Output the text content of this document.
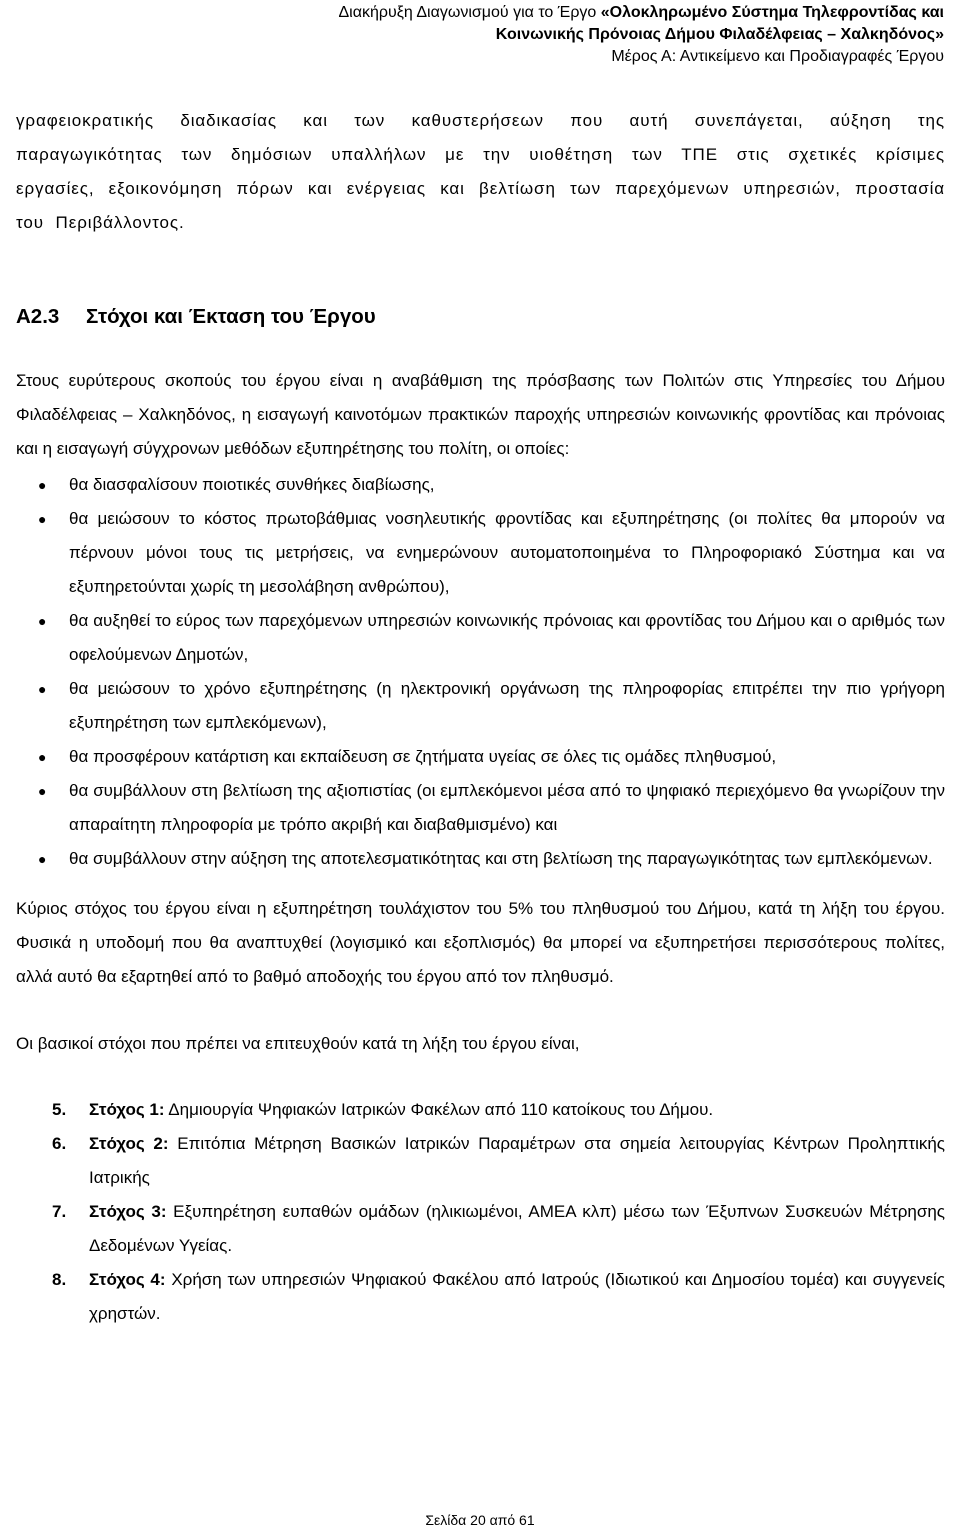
Διακήρυξη Διαγωνισμού για το Έργο «Ολοκληρωμένο Σύστημα Τηλεφροντίδας και
Κοινωνικής Πρόνοιας Δήμου Φιλαδέλφειας – Χαλκηδόνος»
Μέρος Α: Αντικείμενο και Προδιαγραφές Έργου

γραφειοκρατικής διαδικασίας και των καθυστερήσεων που αυτή συνεπάγεται, αύξηση της παραγωγικότητας των δημόσιων υπαλλήλων με την υιοθέτηση των ΤΠΕ στις σχετικές κρίσιμες εργασίες, εξοικονόμηση πόρων και ενέργειας και βελτίωση των παρεχόμενων υπηρεσιών, προστασία του Περιβάλλοντος.

Α2.3 Στόχοι και Έκταση του Έργου

Στους ευρύτερους σκοπούς του έργου είναι η αναβάθμιση της πρόσβασης των Πολιτών στις Υπηρεσίες του Δήμου Φιλαδέλφειας – Χαλκηδόνος, η εισαγωγή καινοτόμων πρακτικών παροχής υπηρεσιών κοινωνικής φροντίδας και πρόνοιας και η εισαγωγή σύγχρονων μεθόδων εξυπηρέτησης του πολίτη, οι οποίες:

● θα διασφαλίσουν ποιοτικές συνθήκες διαβίωσης,
● θα μειώσουν το κόστος πρωτοβάθμιας νοσηλευτικής φροντίδας και εξυπηρέτησης (οι πολίτες θα μπορούν να πέρνουν μόνοι τους τις μετρήσεις, να ενημερώνουν αυτοματοποιημένα το Πληροφοριακό Σύστημα και να εξυπηρετούνται χωρίς τη μεσολάβηση ανθρώπου),
● θα αυξηθεί το εύρος των παρεχόμενων υπηρεσιών κοινωνικής πρόνοιας και φροντίδας του Δήμου και ο αριθμός των οφελούμενων Δημοτών,
● θα μειώσουν το χρόνο εξυπηρέτησης (η ηλεκτρονική οργάνωση της πληροφορίας επιτρέπει την πιο γρήγορη εξυπηρέτηση των εμπλεκόμενων),
● θα προσφέρουν κατάρτιση και εκπαίδευση σε ζητήματα υγείας σε όλες τις ομάδες πληθυσμού,
● θα συμβάλλουν στη βελτίωση της αξιοπιστίας (οι εμπλεκόμενοι μέσα από το ψηφιακό περιεχόμενο θα γνωρίζουν την απαραίτητη πληροφορία με τρόπο ακριβή και διαβαθμισμένο) και
● θα συμβάλλουν στην αύξηση της αποτελεσματικότητας και στη βελτίωση της παραγωγικότητας των εμπλεκόμενων.

Κύριος στόχος του έργου είναι η εξυπηρέτηση τουλάχιστον του 5% του πληθυσμού του Δήμου, κατά τη λήξη του έργου. Φυσικά η υποδομή που θα αναπτυχθεί (λογισμικό και εξοπλισμός) θα μπορεί να εξυπηρετήσει περισσότερους πολίτες, αλλά αυτό θα εξαρτηθεί από το βαθμό αποδοχής του έργου από τον πληθυσμό.

Οι βασικοί στόχοι που πρέπει να επιτευχθούν κατά τη λήξη του έργου είναι,

5. Στόχος 1: Δημιουργία Ψηφιακών Ιατρικών Φακέλων από 110 κατοίκους του Δήμου.
6. Στόχος 2: Επιτόπια Μέτρηση Βασικών Ιατρικών Παραμέτρων στα σημεία λειτουργίας Κέντρων Προληπτικής Ιατρικής
7. Στόχος 3: Εξυπηρέτηση ευπαθών ομάδων (ηλικιωμένοι, ΑΜΕΑ κλπ) μέσω των Έξυπνων Συσκευών Μέτρησης Δεδομένων Υγείας.
8. Στόχος 4: Χρήση των υπηρεσιών Ψηφιακού Φακέλου από Ιατρούς (Ιδιωτικού και Δημοσίου τομέα) και συγγενείς χρηστών.
Σελίδα 20 από 61
